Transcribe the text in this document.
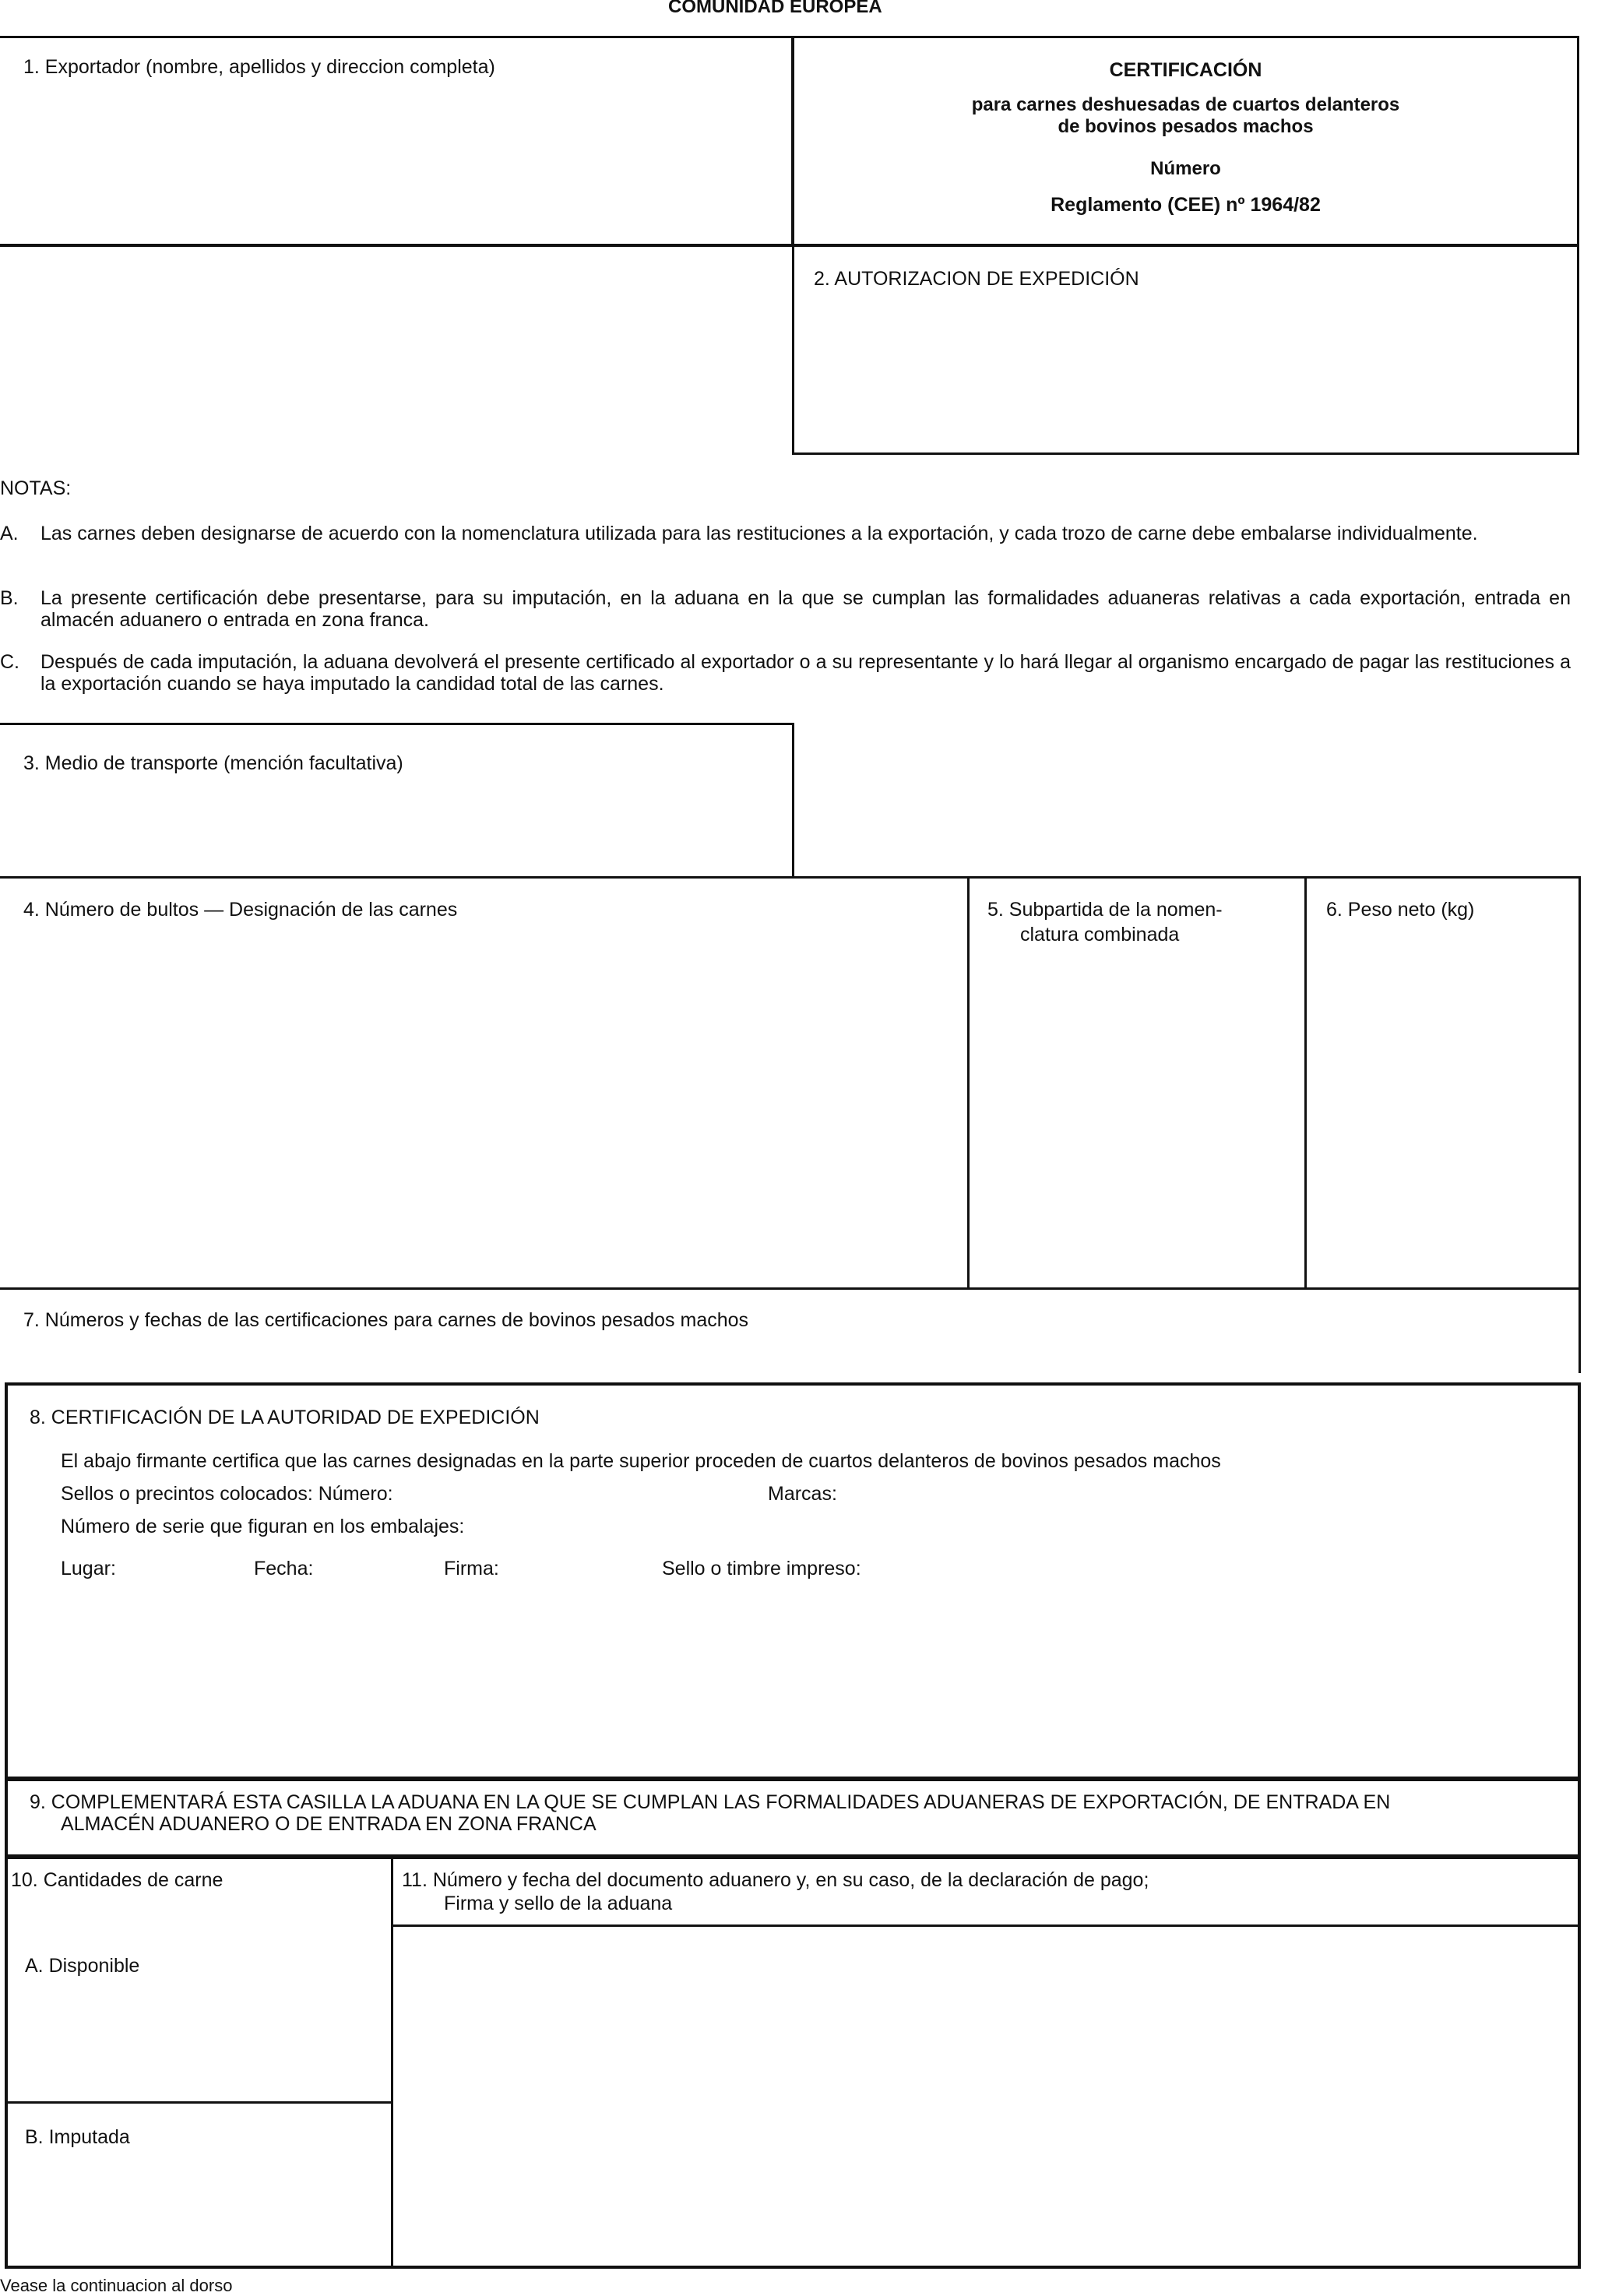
COMUNIDAD EUROPEA
1. Exportador (nombre, apellidos y direccion completa)	CERTIFICACIÓN
para carnes deshuesadas de cuartos delanteros
de bovinos pesados machos
Número
Reglamento (CEE) nº 1964/82
2. AUTORIZACION DE EXPEDICIÓN
NOTAS:
A. Las carnes deben designarse de acuerdo con la nomenclatura utilizada para las restituciones a la exportación, y cada trozo de carne debe embalarse individualmente.
B. La presente certificación debe presentarse, para su imputación, en la aduana en la que se cumplan las formalidades aduaneras relativas a cada exportación, entrada en almacén aduanero o entrada en zona franca.
C. Después de cada imputación, la aduana devolverá el presente certificado al exportador o a su representante y lo hará llegar al organismo encargado de pagar las restituciones a la exportación cuando se haya imputado la candidad total de las carnes.
3. Medio de transporte (mención facultativa)
4. Número de bultos — Designación de las carnes	5. Subpartida de la nomen-
clatura combinada
6. Peso neto (kg)
7. Números y fechas de las certificaciones para carnes de bovinos pesados machos
8. CERTIFICACIÓN DE LA AUTORIDAD DE EXPEDICIÓN
El abajo firmante certifica que las carnes designadas en la parte superior proceden de cuartos delanteros de bovinos pesados machos
Sellos o precintos colocados: Número:	Marcas:
Número de serie que figuran en los embalajes:
Lugar:	Fecha:	Firma:	Sello o timbre impreso:
9. COMPLEMENTARÁ ESTA CASILLA LA ADUANA EN LA QUE SE CUMPLAN LAS FORMALIDADES ADUANERAS DE EXPORTACIÓN, DE ENTRADA EN
ALMACÉN ADUANERO O DE ENTRADA EN ZONA FRANCA
10. Cantidades de carne
A. Disponible
B. Imputada
11. Número y fecha del documento aduanero y, en su caso, de la declaración de pago;
Firma y sello de la aduana
Vease la continuacion al dorso
